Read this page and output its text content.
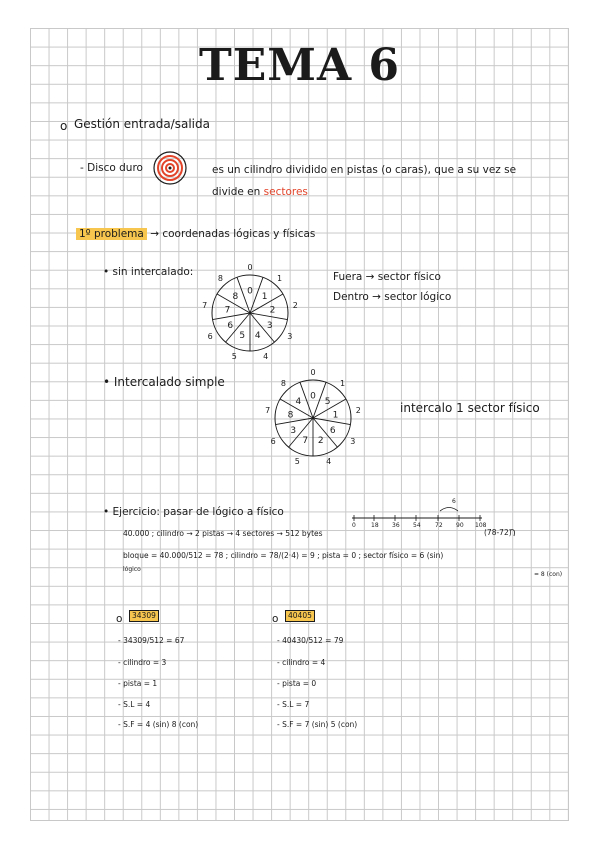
TEMA 6
o Gestión entrada/salida
- Disco duro	es un cilindro dividido en pistas (o caras), que a su vez se
divide en sectores
1º problema → coordenadas lógicas y físicas
• sin intercalado:
0
0
1
1
2
2
3
3
4
4
5
5
6
6
7
7
8
8	Fuera → sector físico
Dentro → sector lógico
• Intercalado simple
0
0
5
1
1
2
6
3
2
4
7
5
3
6
8
7
4
8
intercalo 1 sector físico
• Ejercicio: pasar de lógico a físico
40.000 ; cilindro → 2 pistas → 4 sectores → 512 bytes
0	18 36 54 72 90 108
6
(78-72)
bloque = 40.000/512 = 78 ; cilindro = 78/(2·4) = 9 ; pista = 0 ; sector físico = 6 (sin)
lógico
= 8 (con)
o	34309
- 34309/512 = 67
- cilindro = 3
- pista = 1
- S.L = 4
- S.F = 4 (sin) 8 (con)
o	40405
- 40430/512 = 79
- cilindro = 4
- pista = 0
- S.L = 7
- S.F = 7 (sin) 5 (con)
